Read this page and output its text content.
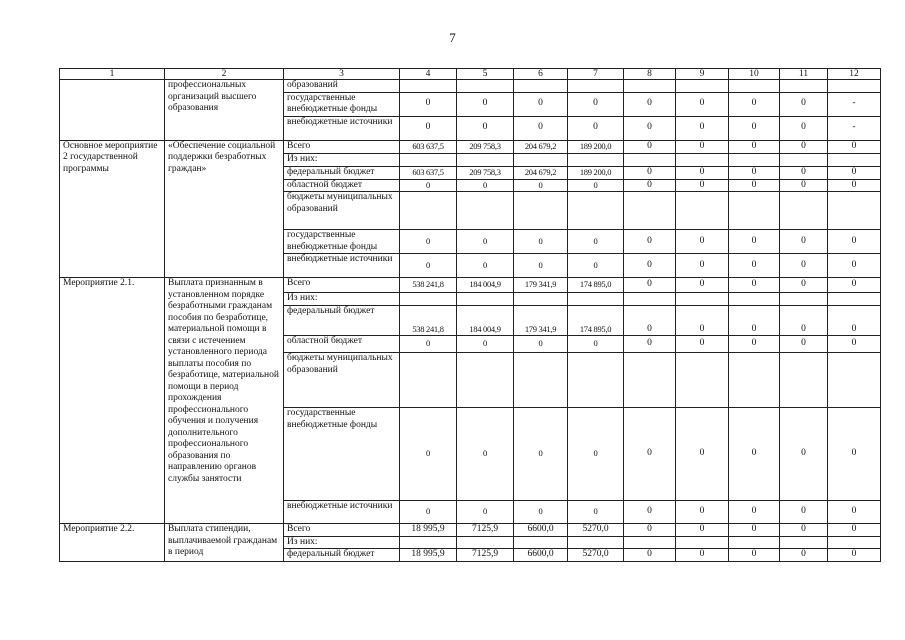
7
1	2	3	4	5	6	7	8	9	10	11	12
	профессиональных организаций высшего образования	образований									
		государственные внебюджетные фонды	0	0	0	0	0	0	0	0	-
		внебюджетные источники	0	0	0	0	0	0	0	0	-
Основное мероприятие 2 государственной программы	«Обеспечение социальной поддержки безработных граждан»	Всего	603 637,5	209 758,3	204 679,2	189 200,0	0	0	0	0	0
		Из них:									
		федеральный бюджет	603 637,5	209 758,3	204 679,2	189 200,0	0	0	0	0	0
		областной бюджет	0	0	0	0	0	0	0	0	0
		бюджеты муниципальных образований									
		государственные внебюджетные фонды	0	0	0	0	0	0	0	0	0
		внебюджетные источники	0	0	0	0	0	0	0	0	0
Мероприятие 2.1.	Выплата признанным в установленном порядке безработными гражданам пособия по безработице, материальной помощи в связи с истечением установленного периода выплаты пособия по безработице, материальной помощи в период прохождения профессионального обучения и получения дополнительного профессионального образования по направлению органов службы занятости	Всего	538 241,8	184 004,9	179 341,9	174 895,0	0	0	0	0	0
		Из них:									
		федеральный бюджет	538 241,8	184 004,9	179 341,9	174 895,0	0	0	0	0	0
		областной бюджет	0	0	0	0	0	0	0	0	0
		бюджеты муниципальных образований									
		государственные внебюджетные фонды	0	0	0	0	0	0	0	0	0
		внебюджетные источники	0	0	0	0	0	0	0	0	0
Мероприятие 2.2.	Выплата стипендии, выплачиваемой гражданам в период	Всего	18 995,9	7125,9	6600,0	5270,0	0	0	0	0	0
		Из них:									
		федеральный бюджет	18 995,9	7125,9	6600,0	5270,0	0	0	0	0	0
